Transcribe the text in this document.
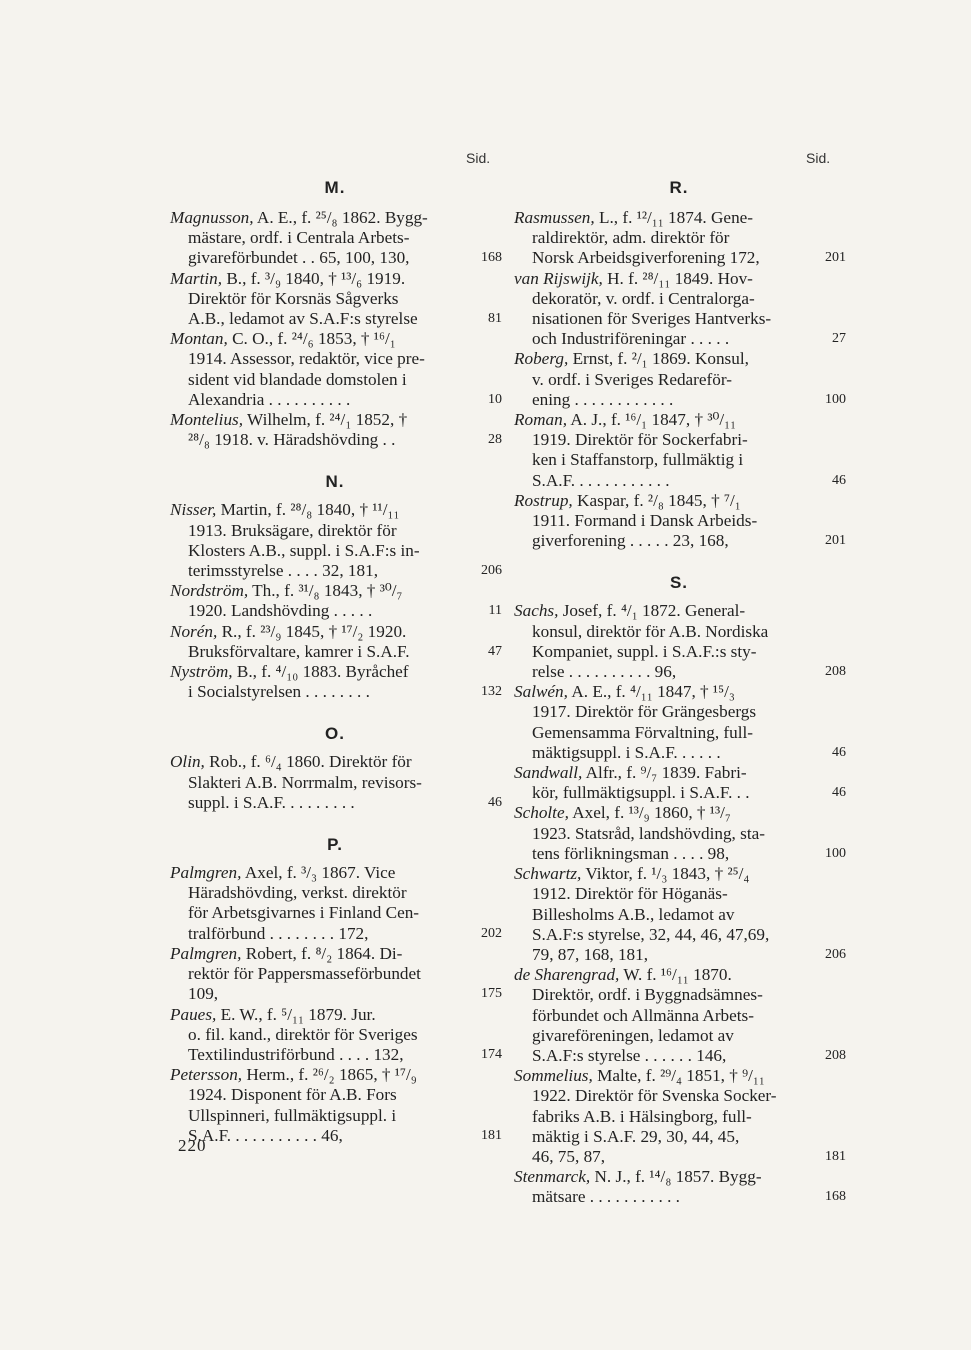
Sid.
M.
Magnusson, A. E., f. ²⁵/₈ 1862. Bygg-
mästare, ordf. i Centrala Arbets-
givareförbundet . . 65, 100, 130,	168
Martin, B., f. ³/₉ 1840, † ¹³/₆ 1919.
Direktör för Korsnäs Sågverks
A.B., ledamot av S.A.F:s styrelse	81
Montan, C. O., f. ²⁴/₆ 1853, † ¹⁶/₁
1914. Assessor, redaktör, vice pre-
sident vid blandade domstolen i
Alexandria . . . . . . . . . .	10
Montelius, Wilhelm, f. ²⁴/₁ 1852, †
²⁸/₈ 1918. v. Häradshövding . .	28
N.
Nisser, Martin, f. ²⁸/₈ 1840, † ¹¹/₁₁
1913. Bruksägare, direktör för
Klosters A.B., suppl. i S.A.F:s in-
terimsstyrelse . . . . 32, 181,	206
Nordström, Th., f. ³¹/₈ 1843, † ³⁰/₇
1920. Landshövding . . . . .	11
Norén, R., f. ²³/₉ 1845, † ¹⁷/₂ 1920.
Bruksförvaltare, kamrer i S.A.F.	47
Nyström, B., f. ⁴/₁₀ 1883. Byråchef
i Socialstyrelsen . . . . . . . .	132
O.
Olin, Rob., f. ⁶/₄ 1860. Direktör för
Slakteri A.B. Norrmalm, revisors-
suppl. i S.A.F. . . . . . . . .	46
P.
Palmgren, Axel, f. ³/₃ 1867. Vice
Häradshövding, verkst. direktör
för Arbetsgivarnes i Finland Cen-
tralförbund . . . . . . . . 172,	202
Palmgren, Robert, f. ⁸/₂ 1864. Di-
rektör för Pappersmasseförbundet
109,	175
Paues, E. W., f. ⁵/₁₁ 1879. Jur.
o. fil. kand., direktör för Sveriges
Textilindustriförbund . . . . 132,	174
Petersson, Herm., f. ²⁶/₂ 1865, † ¹⁷/₉
1924. Disponent för A.B. Fors
Ullspinneri, fullmäktigsuppl. i
S.A.F. . . . . . . . . . . 46,	181
Sid.
R.
Rasmussen, L., f. ¹²/₁₁ 1874. Gene-
raldirektör, adm. direktör för
Norsk Arbeidsgiverforening 172,	201
van Rijswijk, H. f. ²⁸/₁₁ 1849. Hov-
dekoratör, v. ordf. i Centralorga-
nisationen för Sveriges Hantverks-
och Industriföreningar . . . . .	27
Roberg, Ernst, f. ²/₁ 1869. Konsul,
v. ordf. i Sveriges Redareför-
ening . . . . . . . . . . . .	100
Roman, A. J., f. ¹⁶/₁ 1847, † ³⁰/₁₁
1919. Direktör för Sockerfabri-
ken i Staffanstorp, fullmäktig i
S.A.F. . . . . . . . . . . .	46
Rostrup, Kaspar, f. ²/₈ 1845, † ⁷/₁
1911. Formand i Dansk Arbeids-
giverforening . . . . . 23, 168,	201
S.
Sachs, Josef, f. ⁴/₁ 1872. General-
konsul, direktör för A.B. Nordiska
Kompaniet, suppl. i S.A.F.:s sty-
relse . . . . . . . . . . 96,	208
Salwén, A. E., f. ⁴/₁₁ 1847, † ¹⁵/₃
1917. Direktör för Grängesbergs
Gemensamma Förvaltning, full-
mäktigsuppl. i S.A.F. . . . . .	46
Sandwall, Alfr., f. ⁹/₇ 1839. Fabri-
kör, fullmäktigsuppl. i S.A.F. . .	46
Scholte, Axel, f. ¹³/₉ 1860, † ¹³/₇
1923. Statsråd, landshövding, sta-
tens förlikningsman . . . . 98,	100
Schwartz, Viktor, f. ¹/₃ 1843, † ²⁵/₄
1912. Direktör för Höganäs-
Billesholms A.B., ledamot av
S.A.F:s styrelse, 32, 44, 46, 47,69,
79, 87, 168, 181,	206
de Sharengrad, W. f. ¹⁶/₁₁ 1870.
Direktör, ordf. i Byggnadsämnes-
förbundet och Allmänna Arbets-
givareföreningen, ledamot av
S.A.F:s styrelse . . . . . . 146,	208
Sommelius, Malte, f. ²⁹/₄ 1851, † ⁹/₁₁
1922. Direktör för Svenska Socker-
fabriks A.B. i Hälsingborg, full-
mäktig i S.A.F. 29, 30, 44, 45,
46, 75, 87,	181
Stenmarck, N. J., f. ¹⁴/₈ 1857. Bygg-
mätsare . . . . . . . . . . .	168
220
